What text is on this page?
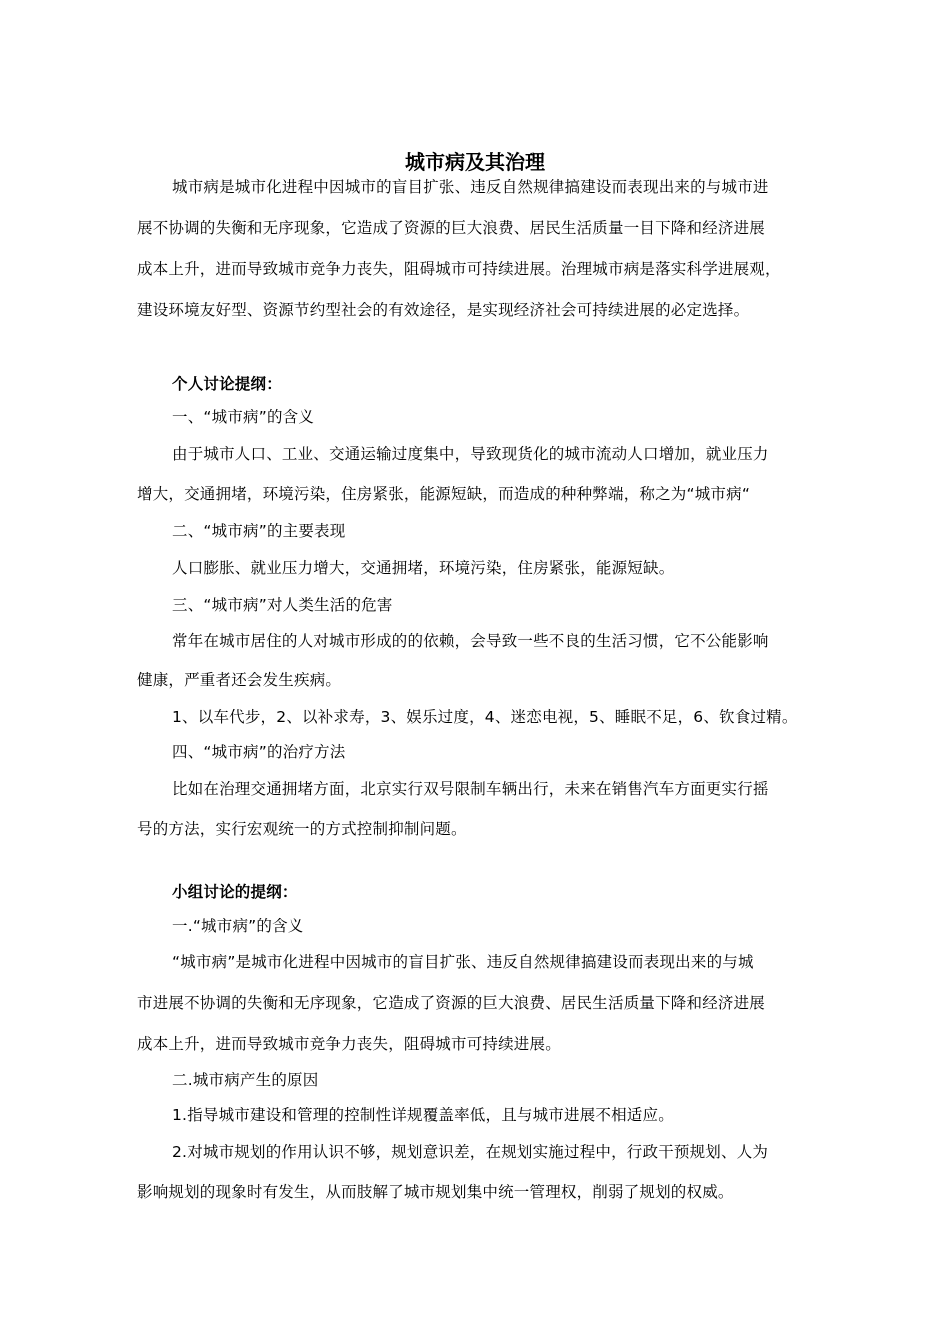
城市病及其治理
城市病是城市化进程中因城市的盲目扩张、违反自然规律搞建设而表现出来的与城市进
展不协调的失衡和无序现象，它造成了资源的巨大浪费、居民生活质量一目下降和经济进展
成本上升，进而导致城市竞争力丧失，阻碍城市可持续进展。治理城市病是落实科学进展观，
建设环境友好型、资源节约型社会的有效途径，是实现经济社会可持续进展的必定选择。
个人讨论提纲：
一、“城市病”的含义
由于城市人口、工业、交通运输过度集中，导致现货化的城市流动人口增加，就业压力
增大，交通拥堵，环境污染，住房紧张，能源短缺，而造成的种种弊端，称之为“城市病“
二、“城市病”的主要表现
人口膨胀、就业压力增大，交通拥堵，环境污染，住房紧张，能源短缺。
三、“城市病”对人类生活的危害
常年在城市居住的人对城市形成的的依赖，会导致一些不良的生活习惯，它不公能影响
健康，严重者还会发生疾病。
1、以车代步，2、以补求寿，3、娱乐过度，4、迷恋电视，5、睡眠不足，6、钦食过精。
四、“城市病”的治疗方法
比如在治理交通拥堵方面，北京实行双号限制车辆出行，未来在销售汽车方面更实行摇
号的方法，实行宏观统一的方式控制抑制问题。
小组讨论的提纲：
一.“城市病”的含义
“城市病”是城市化进程中因城市的盲目扩张、违反自然规律搞建设而表现出来的与城
市进展不协调的失衡和无序现象，它造成了资源的巨大浪费、居民生活质量下降和经济进展
成本上升，进而导致城市竞争力丧失，阻碍城市可持续进展。
二.城市病产生的原因
1.指导城市建设和管理的控制性详规覆盖率低，且与城市进展不相适应。
2.对城市规划的作用认识不够，规划意识差，在规划实施过程中，行政干预规划、人为
影响规划的现象时有发生，从而肢解了城市规划集中统一管理权，削弱了规划的权威。
